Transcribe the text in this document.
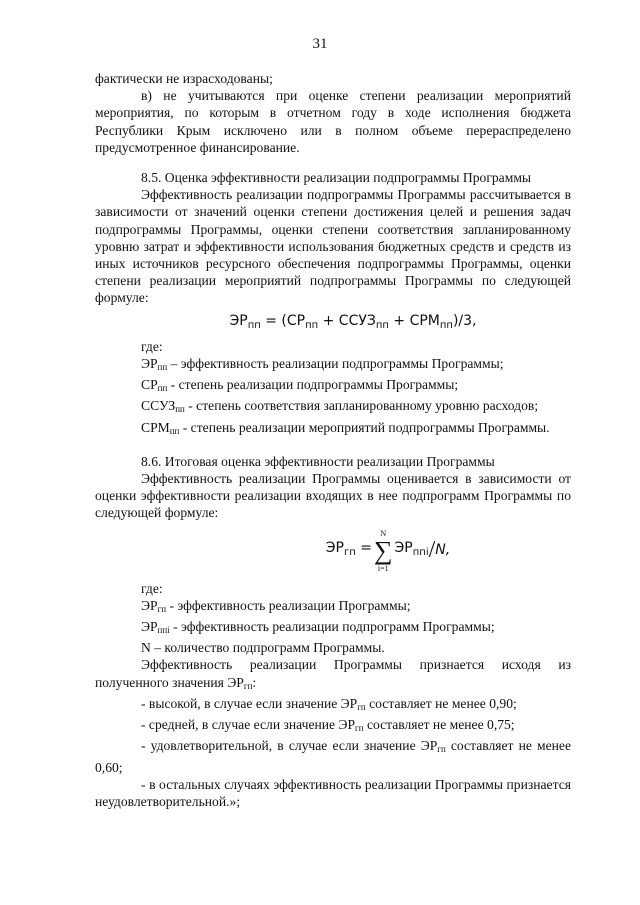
31

фактически не израсходованы;

в) не учитываются при оценке степени реализации мероприятий мероприятия, по которым в отчетном году в ходе исполнения бюджета Республики Крым исключено или в полном объеме перераспределено предусмотренное финансирование.

8.5. Оценка эффективности реализации подпрограммы Программы

Эффективность реализации подпрограммы Программы рассчитывается в зависимости от значений оценки степени достижения целей и решения задач подпрограммы Программы, оценки степени соответствия запланированному уровню затрат и эффективности использования бюджетных средств и средств из иных источников ресурсного обеспечения подпрограммы Программы, оценки степени реализации мероприятий подпрограммы Программы по следующей формуле:

$ЭР_{пп} = (СР_{пп}$ + $ССУЗ_{пп} + СРМ_{пп})/3$,

где:

$ЭР_{пп}$ – эффективность реализации подпрограммы Программы;

$СР_{пп}$ - степень реализации подпрограммы Программы;

$ССУЗ_{пп}$ - степень соответствия запланированному уровню расходов;

$СРМ_{пп}$ - степень реализации мероприятий подпрограммы Программы.

8.6. Итоговая оценка эффективности реализации Программы

Эффективность реализации Программы оценивается в зависимости от оценки эффективности реализации входящих в нее подпрограмм Программы по следующей формуле:

$ЭР_{гп}$ =
N
∑
i=1
$ЭР_{ппi}$ / N,

где:

$ЭР_{гп}$ - эффективность реализации Программы;

$ЭР_{ппi}$ - эффективность реализации подпрограмм Программы;

N – количество подпрограмм Программы.

Эффективность реализации Программы признается исходя из полученного значения $ЭР_{гп}$:

- высокой, в случае если значение $ЭР_{гп}$ составляет не менее 0,90;

- средней, в случае если значение $ЭР_{гп}$ составляет не менее 0,75;

- удовлетворительной, в случае если значение $ЭР_{гп}$ составляет не менее 0,60;

- в остальных случаях эффективность реализации Программы признается неудовлетворительной.»;
